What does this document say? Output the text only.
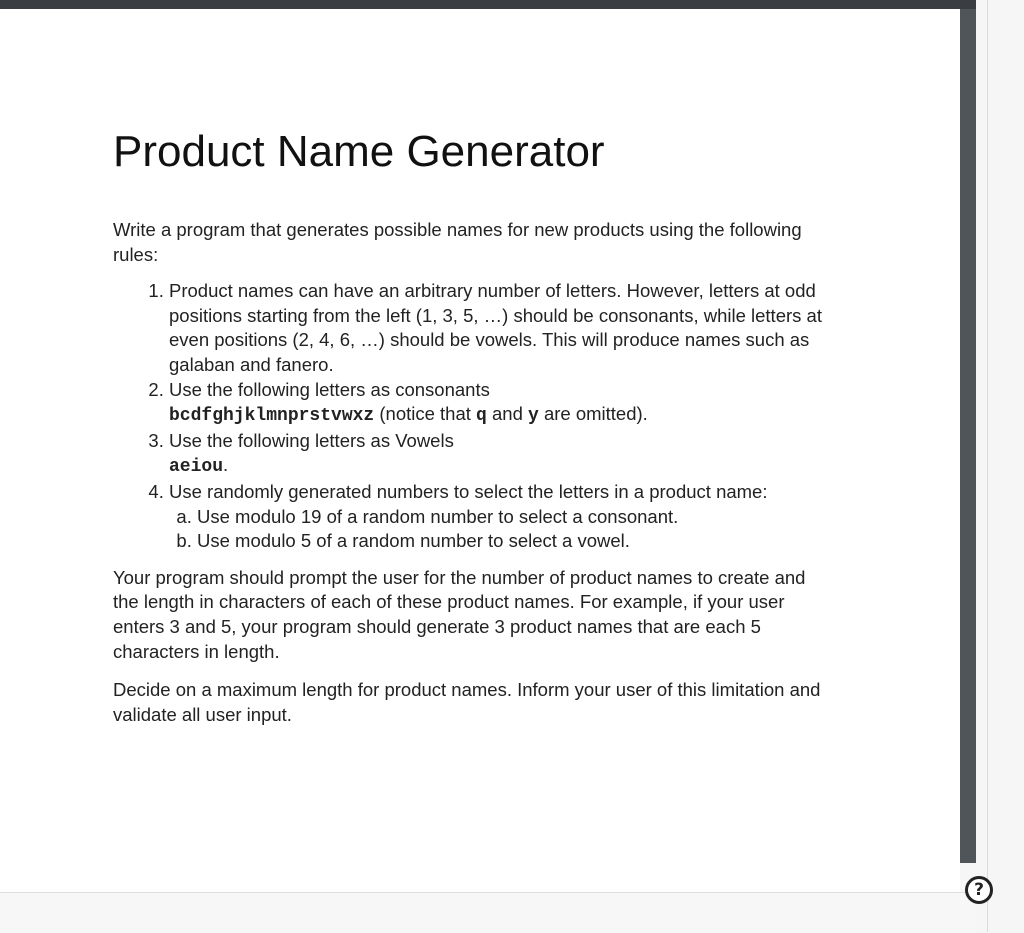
Product Name Generator

Write a program that generates possible names for new products using the following rules:

1. Product names can have an arbitrary number of letters. However, letters at odd positions starting from the left (1, 3, 5, …) should be consonants, while letters at even positions (2, 4, 6, …) should be vowels. This will produce names such as galaban and fanero.
2. Use the following letters as consonants
bcdfghjklmnprstvwxz (notice that q and y are omitted).
3. Use the following letters as Vowels
aeiou.
4. Use randomly generated numbers to select the letters in a product name:
a. Use modulo 19 of a random number to select a consonant.
b. Use modulo 5 of a random number to select a vowel.

Your program should prompt the user for the number of product names to create and the length in characters of each of these product names. For example, if your user enters 3 and 5, your program should generate 3 product names that are each 5 characters in length.

Decide on a maximum length for product names. Inform your user of this limitation and validate all user input.

?
